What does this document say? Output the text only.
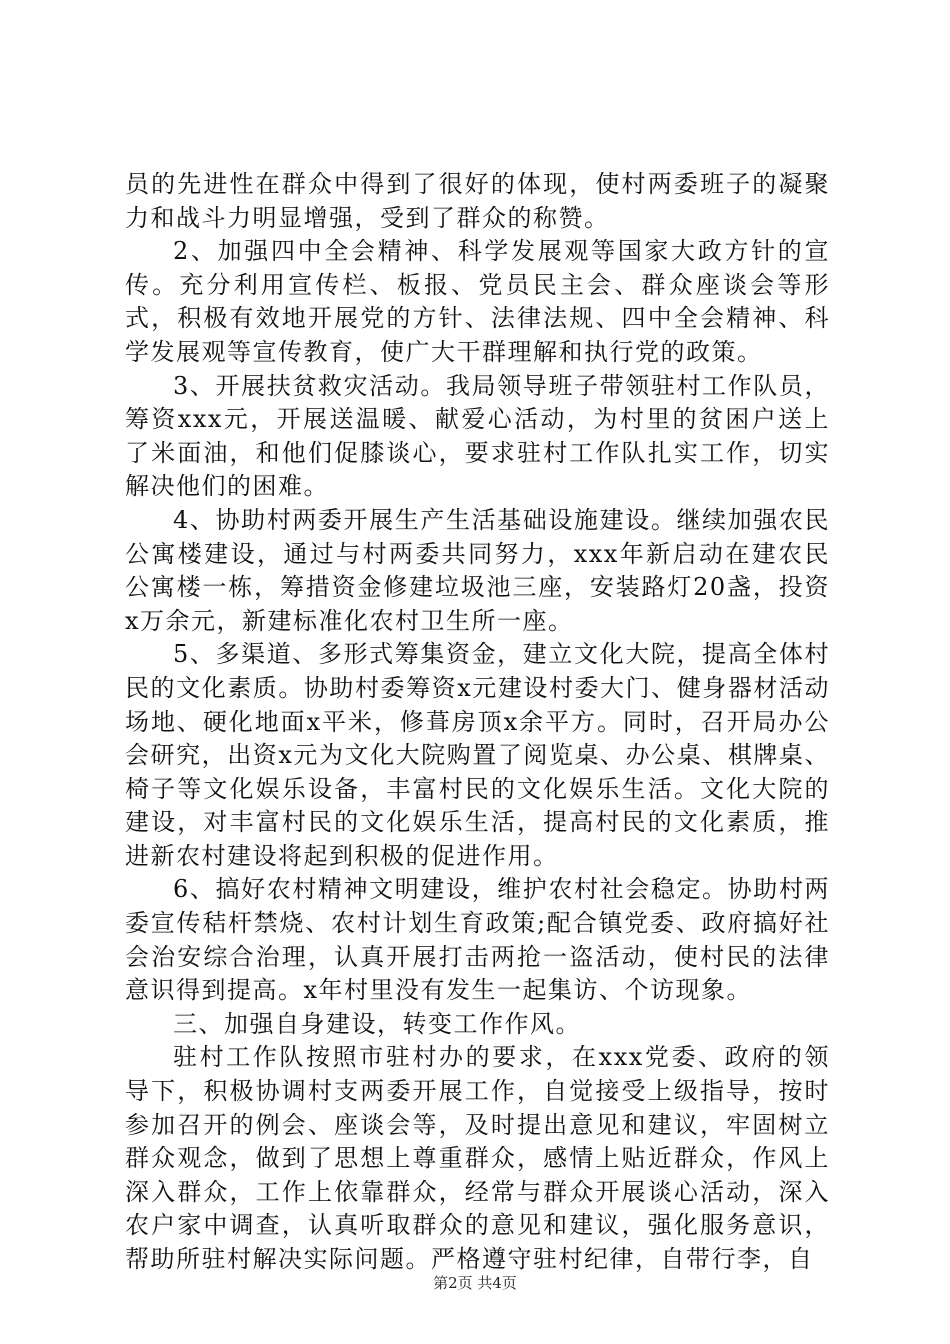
员的先进性在群众中得到了很好的体现，使村两委班子的凝聚力和战斗力明显增强，受到了群众的称赞。

2、加强四中全会精神、科学发展观等国家大政方针的宣传。充分利用宣传栏、板报、党员民主会、群众座谈会等形式，积极有效地开展党的方针、法律法规、四中全会精神、科学发展观等宣传教育，使广大干群理解和执行党的政策。

3、开展扶贫救灾活动。我局领导班子带领驻村工作队员，筹资xxx元，开展送温暖、献爱心活动，为村里的贫困户送上了米面油，和他们促膝谈心，要求驻村工作队扎实工作，切实解决他们的困难。

4、协助村两委开展生产生活基础设施建设。继续加强农民公寓楼建设，通过与村两委共同努力，xxx年新启动在建农民公寓楼一栋，筹措资金修建垃圾池三座，安装路灯20盏，投资x万余元，新建标准化农村卫生所一座。

5、多渠道、多形式筹集资金，建立文化大院，提高全体村民的文化素质。协助村委筹资x元建设村委大门、健身器材活动场地、硬化地面x平米，修葺房顶x余平方。同时，召开局办公会研究，出资x元为文化大院购置了阅览桌、办公桌、棋牌桌、椅子等文化娱乐设备，丰富村民的文化娱乐生活。文化大院的建设，对丰富村民的文化娱乐生活，提高村民的文化素质，推进新农村建设将起到积极的促进作用。

6、搞好农村精神文明建设，维护农村社会稳定。协助村两委宣传秸杆禁烧、农村计划生育政策;配合镇党委、政府搞好社会治安综合治理，认真开展打击两抢一盗活动，使村民的法律意识得到提高。x年村里没有发生一起集访、个访现象。

三、加强自身建设，转变工作作风。

驻村工作队按照市驻村办的要求，在xxx党委、政府的领导下，积极协调村支两委开展工作，自觉接受上级指导，按时参加召开的例会、座谈会等，及时提出意见和建议，牢固树立群众观念，做到了思想上尊重群众，感情上贴近群众，作风上深入群众，工作上依靠群众，经常与群众开展谈心活动，深入农户家中调查，认真听取群众的意见和建议，强化服务意识，帮助所驻村解决实际问题。严格遵守驻村纪律，自带行李，自

第2页 共4页
